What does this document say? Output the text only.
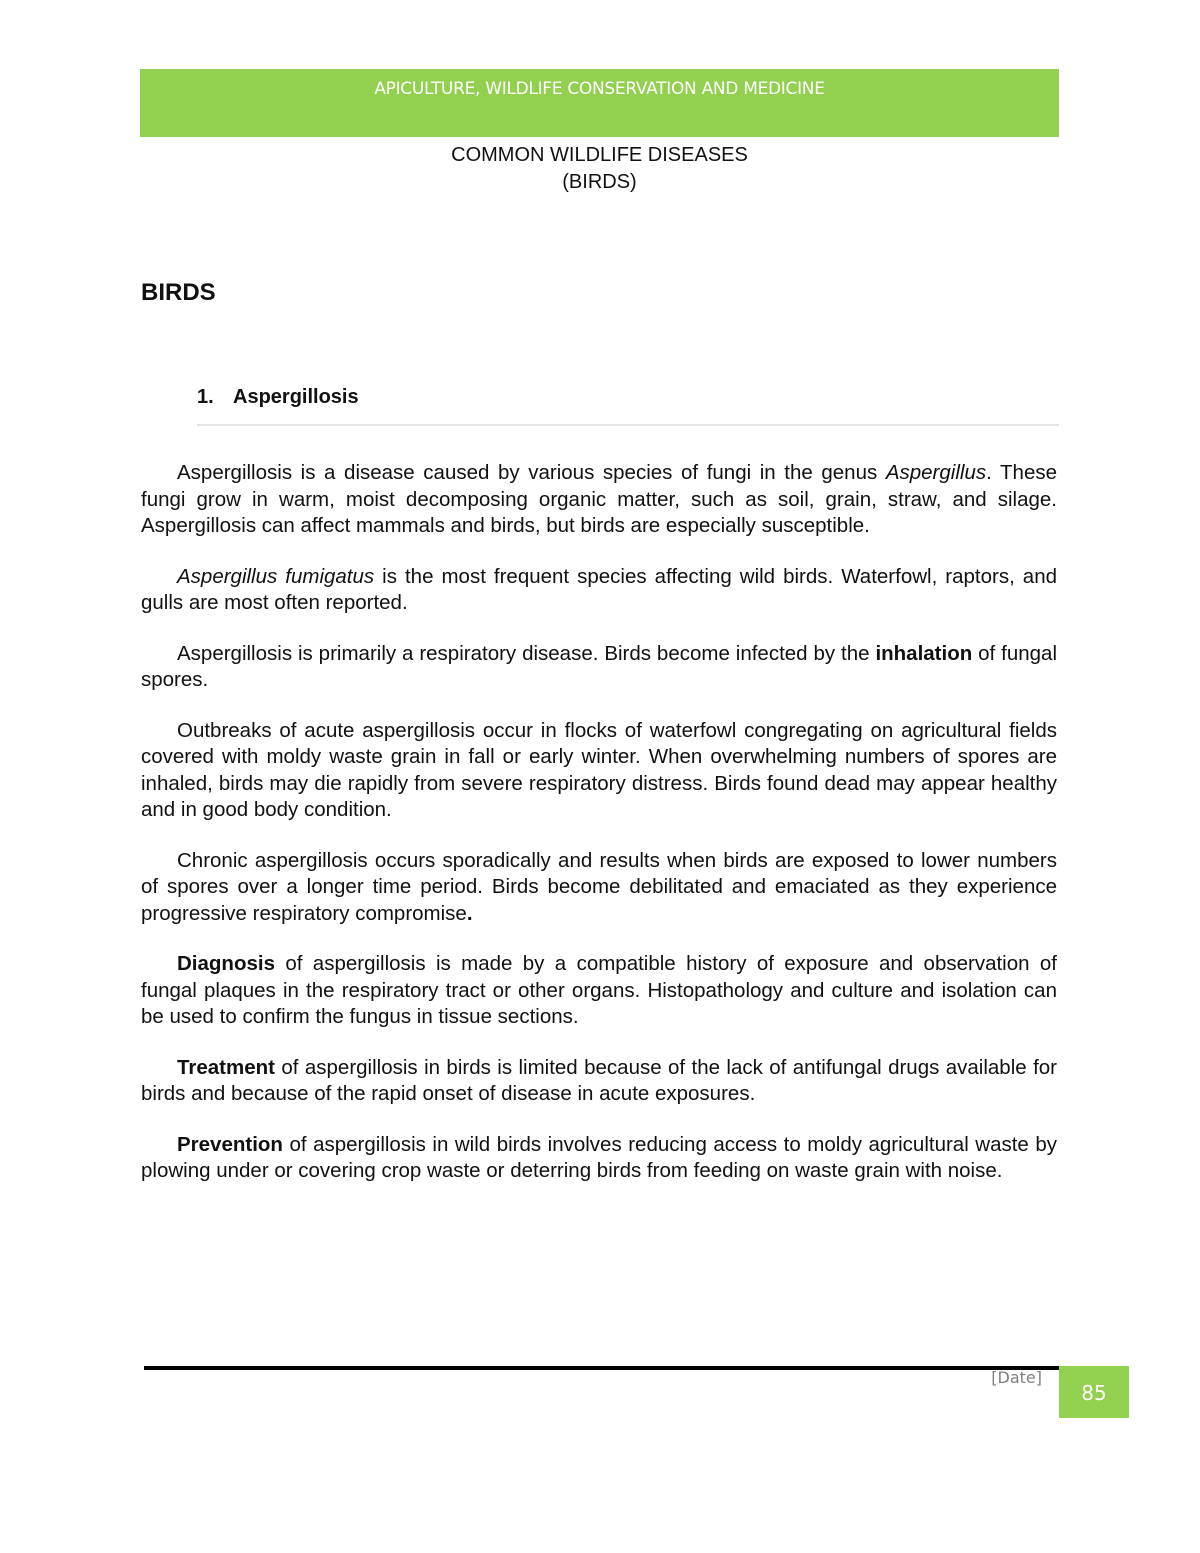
APICULTURE, WILDLIFE CONSERVATION AND MEDICINE
COMMON WILDLIFE DISEASES
(BIRDS)
BIRDS
1. Aspergillosis

Aspergillosis is a disease caused by various species of fungi in the genus Aspergillus. These fungi grow in warm, moist decomposing organic matter, such as soil, grain, straw, and silage. Aspergillosis can affect mammals and birds, but birds are especially susceptible.

Aspergillus fumigatus is the most frequent species affecting wild birds. Waterfowl, raptors, and gulls are most often reported.

Aspergillosis is primarily a respiratory disease. Birds become infected by the inhalation of fungal spores.

Outbreaks of acute aspergillosis occur in flocks of waterfowl congregating on agricultural fields covered with moldy waste grain in fall or early winter. When overwhelming numbers of spores are inhaled, birds may die rapidly from severe respiratory distress. Birds found dead may appear healthy and in good body condition.

Chronic aspergillosis occurs sporadically and results when birds are exposed to lower numbers of spores over a longer time period. Birds become debilitated and emaciated as they experience progressive respiratory compromise.

Diagnosis of aspergillosis is made by a compatible history of exposure and observation of fungal plaques in the respiratory tract or other organs. Histopathology and culture and isolation can be used to confirm the fungus in tissue sections.

Treatment of aspergillosis in birds is limited because of the lack of antifungal drugs available for birds and because of the rapid onset of disease in acute exposures.

Prevention of aspergillosis in wild birds involves reducing access to moldy agricultural waste by plowing under or covering crop waste or deterring birds from feeding on waste grain with noise.

[Date]
85
